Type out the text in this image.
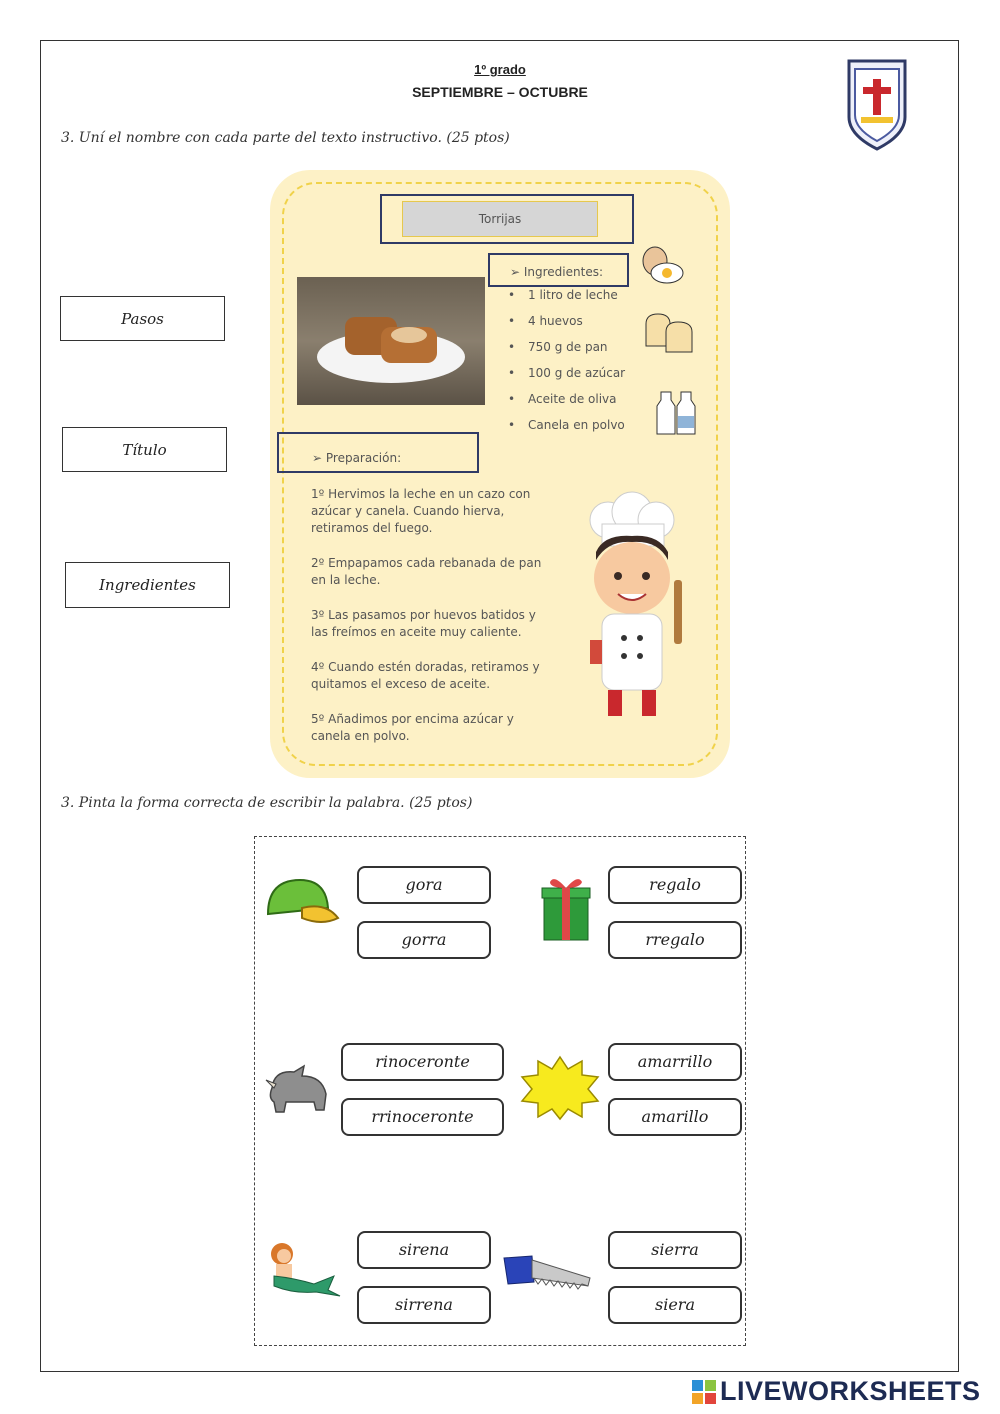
1º grado
SEPTIEMBRE – OCTUBRE
3. Uní el nombre con cada parte del texto instructivo. (25 ptos)
Pasos
Título
Ingredientes
Torrijas
➢ Ingredientes:
• 1 litro de leche
• 4 huevos
• 750 g de pan
• 100 g de azúcar
• Aceite de oliva
• Canela en polvo
➢ Preparación:
1º Hervimos la leche en un cazo con azúcar y canela. Cuando hierva, retiramos del fuego.
2º Empapamos cada rebanada de pan en la leche.
3º Las pasamos por huevos batidos y las freímos en aceite muy caliente.
4º Cuando estén doradas, retiramos y quitamos el exceso de aceite.
5º Añadimos por encima azúcar y canela en polvo.
3. Pinta la forma correcta de escribir la palabra. (25 ptos)
gora
gorra
regalo
rregalo
rinoceronte
rrinoceronte
amarrillo
amarillo
sirena
sirrena
sierra
siera
LIVEWORKSHEETS
